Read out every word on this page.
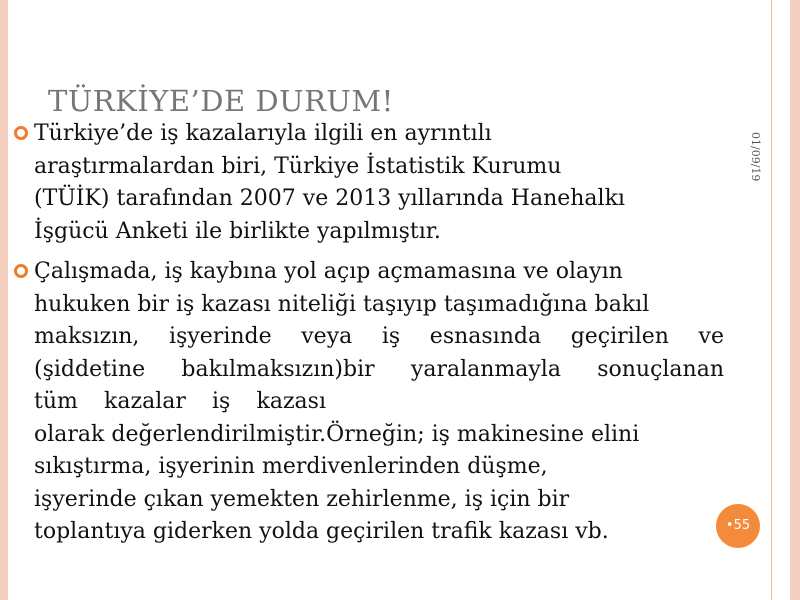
TÜRKİYE’DE DURUM!
Türkiye’de iş kazalarıyla ilgili en ayrıntılı
araştırmalardan biri, Türkiye İstatistik Kurumu
(TÜİK) tarafından 2007 ve 2013 yıllarında Hanehalkı
İşgücü Anketi ile birlikte yapılmıştır.
Çalışmada, iş kaybına yol açıp açmamasına ve olayın
hukuken bir iş kazası niteliği taşıyıp taşımadığına bakıl
maksızın, işyerinde veya iş esnasında geçirilen ve
(şiddetine bakılmaksızın)bir yaralanmayla sonuçlanan
tüm kazalar iş kazası
olarak değerlendirilmiştir.Örneğin; iş makinesine elini
sıkıştırma, işyerinin merdivenlerinden düşme,
işyerinde çıkan yemekten zehirlenme, iş için bir
toplantıya giderken yolda geçirilen trafik kazası vb.
01/09/19
•55
